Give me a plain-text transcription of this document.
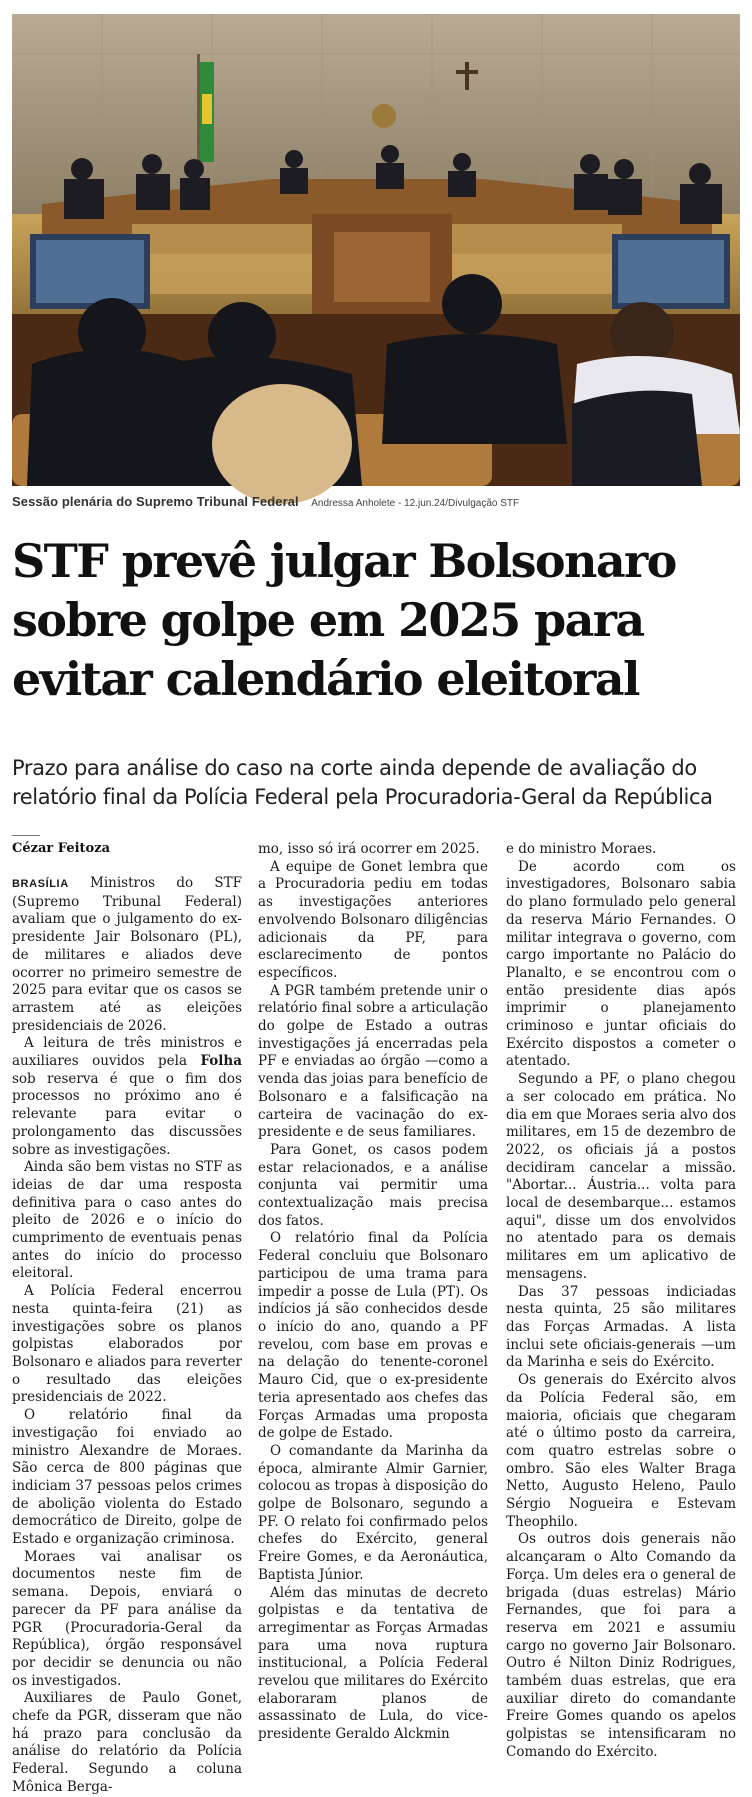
Sessão plenária do Supremo Tribunal Federal Andressa Anholete - 12.jun.24/Divulgação STF
STF prevê julgar Bolsonaro sobre golpe em 2025 para evitar calendário eleitoral

Prazo para análise do caso na corte ainda depende de avaliação do relatório final da Polícia Federal pela Procuradoria-Geral da República

Cézar Feitoza

BRASÍLIA Ministros do STF (Supremo Tribunal Federal) avaliam que o julgamento do ex-presidente Jair Bolsonaro (PL), de militares e aliados deve ocorrer no primeiro semestre de 2025 para evitar que os casos se arrastem até as eleições presidenciais de 2026.

A leitura de três ministros e auxiliares ouvidos pela Folha sob reserva é que o fim dos processos no próximo ano é relevante para evitar o prolongamento das discussões sobre as investigações.

Ainda são bem vistas no STF as ideias de dar uma resposta definitiva para o caso antes do pleito de 2026 e o início do cumprimento de eventuais penas antes do início do processo eleitoral.

A Polícia Federal encerrou nesta quinta-feira (21) as investigações sobre os planos golpistas elaborados por Bolsonaro e aliados para reverter o resultado das eleições presidenciais de 2022.

O relatório final da investigação foi enviado ao ministro Alexandre de Moraes. São cerca de 800 páginas que indiciam 37 pessoas pelos crimes de abolição violenta do Estado democrático de Direito, golpe de Estado e organização criminosa.

Moraes vai analisar os documentos neste fim de semana. Depois, enviará o parecer da PF para análise da PGR (Procuradoria-Geral da República), órgão responsável por decidir se denuncia ou não os investigados.

Auxiliares de Paulo Gonet, chefe da PGR, disseram que não há prazo para conclusão da análise do relatório da Polícia Federal. Segundo a coluna Mônica Berga-

mo, isso só irá ocorrer em 2025.

A equipe de Gonet lembra que a Procuradoria pediu em todas as investigações anteriores envolvendo Bolsonaro diligências adicionais da PF, para esclarecimento de pontos específicos.

A PGR também pretende unir o relatório final sobre a articulação do golpe de Estado a outras investigações já encerradas pela PF e enviadas ao órgão —como a venda das joias para benefício de Bolsonaro e a falsificação na carteira de vacinação do ex-presidente e de seus familiares.

Para Gonet, os casos podem estar relacionados, e a análise conjunta vai permitir uma contextualização mais precisa dos fatos.

O relatório final da Polícia Federal concluiu que Bolsonaro participou de uma trama para impedir a posse de Lula (PT). Os indícios já são conhecidos desde o início do ano, quando a PF revelou, com base em provas e na delação do tenente-coronel Mauro Cid, que o ex-presidente teria apresentado aos chefes das Forças Armadas uma proposta de golpe de Estado.

O comandante da Marinha da época, almirante Almir Garnier, colocou as tropas à disposição do golpe de Bolsonaro, segundo a PF. O relato foi confirmado pelos chefes do Exército, general Freire Gomes, e da Aeronáutica, Baptista Júnior.

Além das minutas de decreto golpistas e da tentativa de arregimentar as Forças Armadas para uma nova ruptura institucional, a Polícia Federal revelou que militares do Exército elaboraram planos de assassinato de Lula, do vice-presidente Geraldo Alckmin

e do ministro Moraes.

De acordo com os investigadores, Bolsonaro sabia do plano formulado pelo general da reserva Mário Fernandes. O militar integrava o governo, com cargo importante no Palácio do Planalto, e se encontrou com o então presidente dias após imprimir o planejamento criminoso e juntar oficiais do Exército dispostos a cometer o atentado.

Segundo a PF, o plano chegou a ser colocado em prática. No dia em que Moraes seria alvo dos militares, em 15 de dezembro de 2022, os oficiais já a postos decidiram cancelar a missão. "Abortar... Áustria... volta para local de desembarque... estamos aqui", disse um dos envolvidos no atentado para os demais militares em um aplicativo de mensagens.

Das 37 pessoas indiciadas nesta quinta, 25 são militares das Forças Armadas. A lista inclui sete oficiais-generais —um da Marinha e seis do Exército.

Os generais do Exército alvos da Polícia Federal são, em maioria, oficiais que chegaram até o último posto da carreira, com quatro estrelas sobre o ombro. São eles Walter Braga Netto, Augusto Heleno, Paulo Sérgio Nogueira e Estevam Theophilo.

Os outros dois generais não alcançaram o Alto Comando da Força. Um deles era o general de brigada (duas estrelas) Mário Fernandes, que foi para a reserva em 2021 e assumiu cargo no governo Jair Bolsonaro. Outro é Nilton Diniz Rodrigues, também duas estrelas, que era auxiliar direto do comandante Freire Gomes quando os apelos golpistas se intensificaram no Comando do Exército.
